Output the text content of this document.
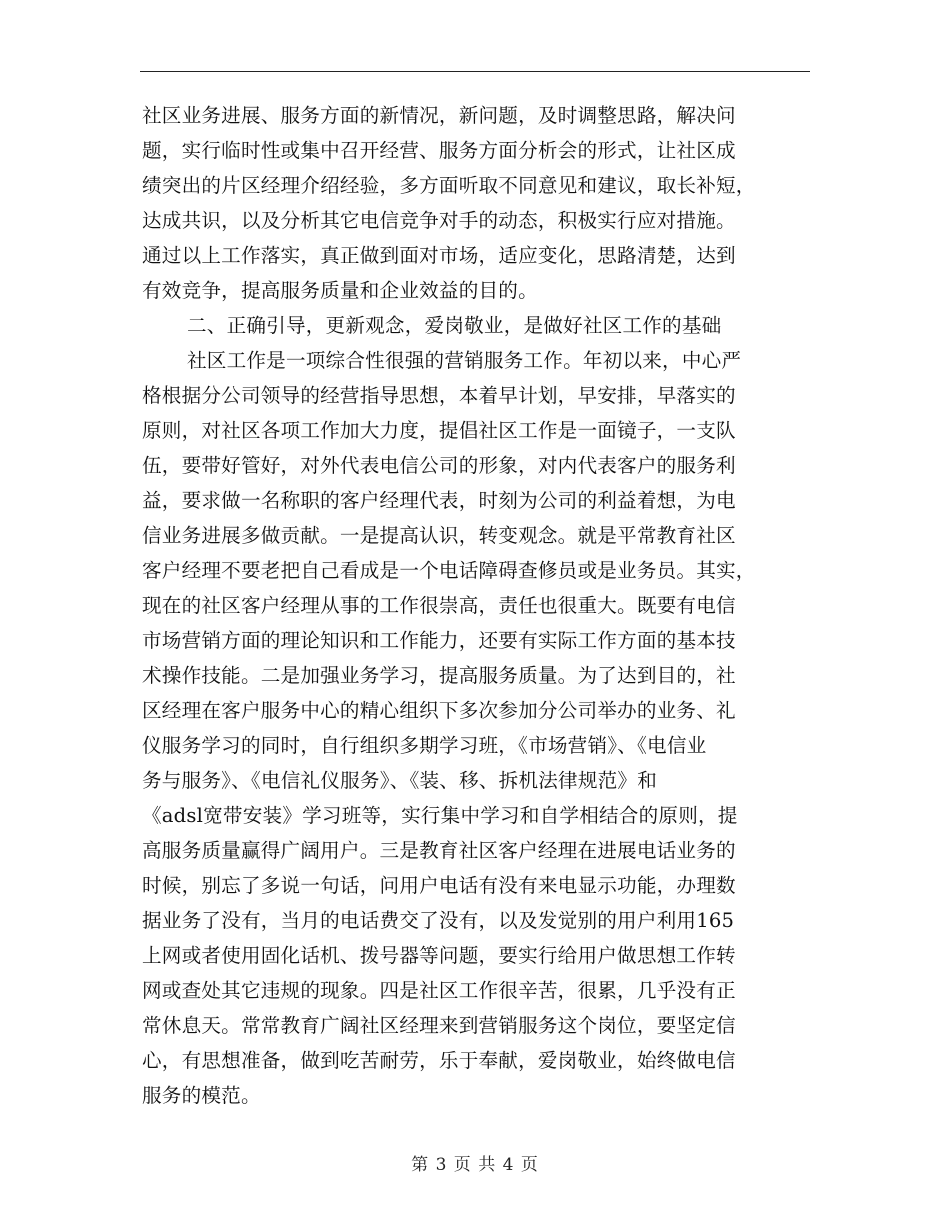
社区业务进展、服务方面的新情况，新问题，及时调整思路，解决问
题，实行临时性或集中召开经营、服务方面分析会的形式，让社区成
绩突出的片区经理介绍经验，多方面听取不同意见和建议，取长补短，
达成共识，以及分析其它电信竞争对手的动态，积极实行应对措施。
通过以上工作落实，真正做到面对市场，适应变化，思路清楚，达到
有效竞争，提高服务质量和企业效益的目的。
二、正确引导，更新观念，爱岗敬业，是做好社区工作的基础
社区工作是一项综合性很强的营销服务工作。年初以来，中心严
格根据分公司领导的经营指导思想，本着早计划，早安排，早落实的
原则，对社区各项工作加大力度，提倡社区工作是一面镜子，一支队
伍，要带好管好，对外代表电信公司的形象，对内代表客户的服务利
益，要求做一名称职的客户经理代表，时刻为公司的利益着想，为电
信业务进展多做贡献。一是提高认识，转变观念。就是平常教育社区
客户经理不要老把自己看成是一个电话障碍查修员或是业务员。其实，
现在的社区客户经理从事的工作很崇高，责任也很重大。既要有电信
市场营销方面的理论知识和工作能力，还要有实际工作方面的基本技
术操作技能。二是加强业务学习，提高服务质量。为了达到目的，社
区经理在客户服务中心的精心组织下多次参加分公司举办的业务、礼
仪服务学习的同时，自行组织多期学习班，《市场营销》、《电信业
务与服务》、《电信礼仪服务》、《装、移、拆机法律规范》和
《adsl宽带安装》学习班等，实行集中学习和自学相结合的原则，提
高服务质量赢得广阔用户。三是教育社区客户经理在进展电话业务的
时候，别忘了多说一句话，问用户电话有没有来电显示功能，办理数
据业务了没有，当月的电话费交了没有，以及发觉别的用户利用165
上网或者使用固化话机、拨号器等问题，要实行给用户做思想工作转
网或查处其它违规的现象。四是社区工作很辛苦，很累，几乎没有正
常休息天。常常教育广阔社区经理来到营销服务这个岗位，要坚定信
心，有思想准备，做到吃苦耐劳，乐于奉献，爱岗敬业，始终做电信
服务的模范。
第 3 页 共 4 页
